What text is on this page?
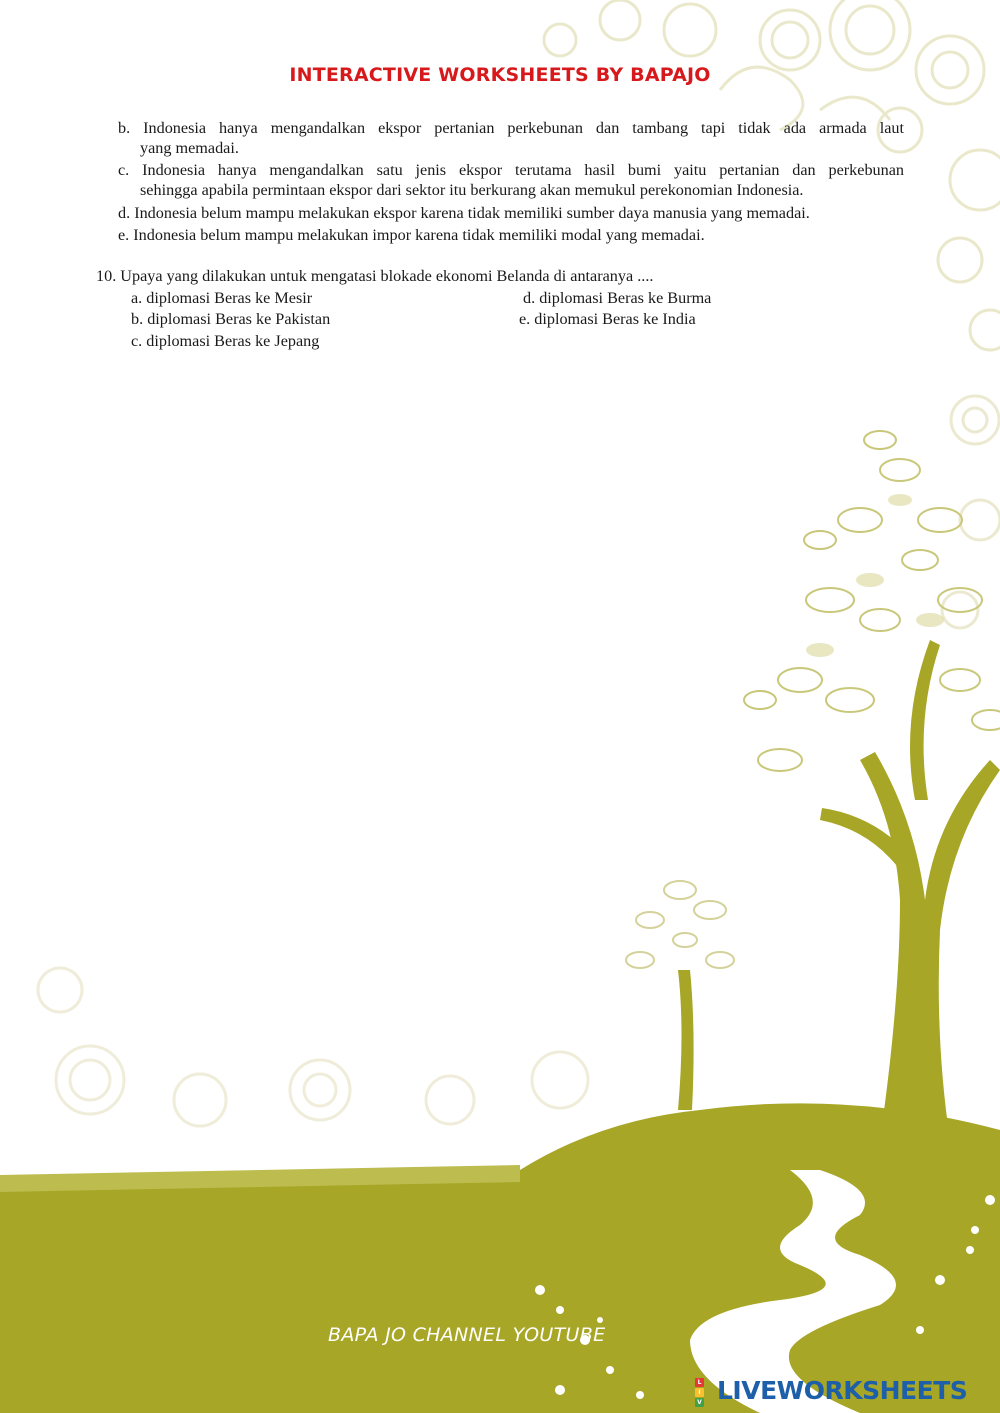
INTERACTIVE WORKSHEETS BY BAPAJO
b. Indonesia hanya mengandalkan ekspor pertanian perkebunan dan tambang tapi tidak ada armada laut
yang memadai.
c. Indonesia hanya mengandalkan satu jenis ekspor terutama hasil bumi yaitu pertanian dan perkebunan
sehingga apabila permintaan ekspor dari sektor itu berkurang akan memukul perekonomian Indonesia.
d. Indonesia belum mampu melakukan ekspor karena tidak memiliki sumber daya manusia yang memadai.
e. Indonesia belum mampu melakukan impor karena tidak memiliki modal yang memadai.
10. Upaya yang dilakukan untuk mengatasi blokade ekonomi Belanda di antaranya ....
a. diplomasi Beras ke Mesir
b. diplomasi Beras ke Pakistan
c. diplomasi Beras ke Jepang
d. diplomasi Beras ke Burma
e. diplomasi Beras ke India
BAPA JO CHANNEL YOUTUBE
L
I
V LIVEWORKSHEETS
